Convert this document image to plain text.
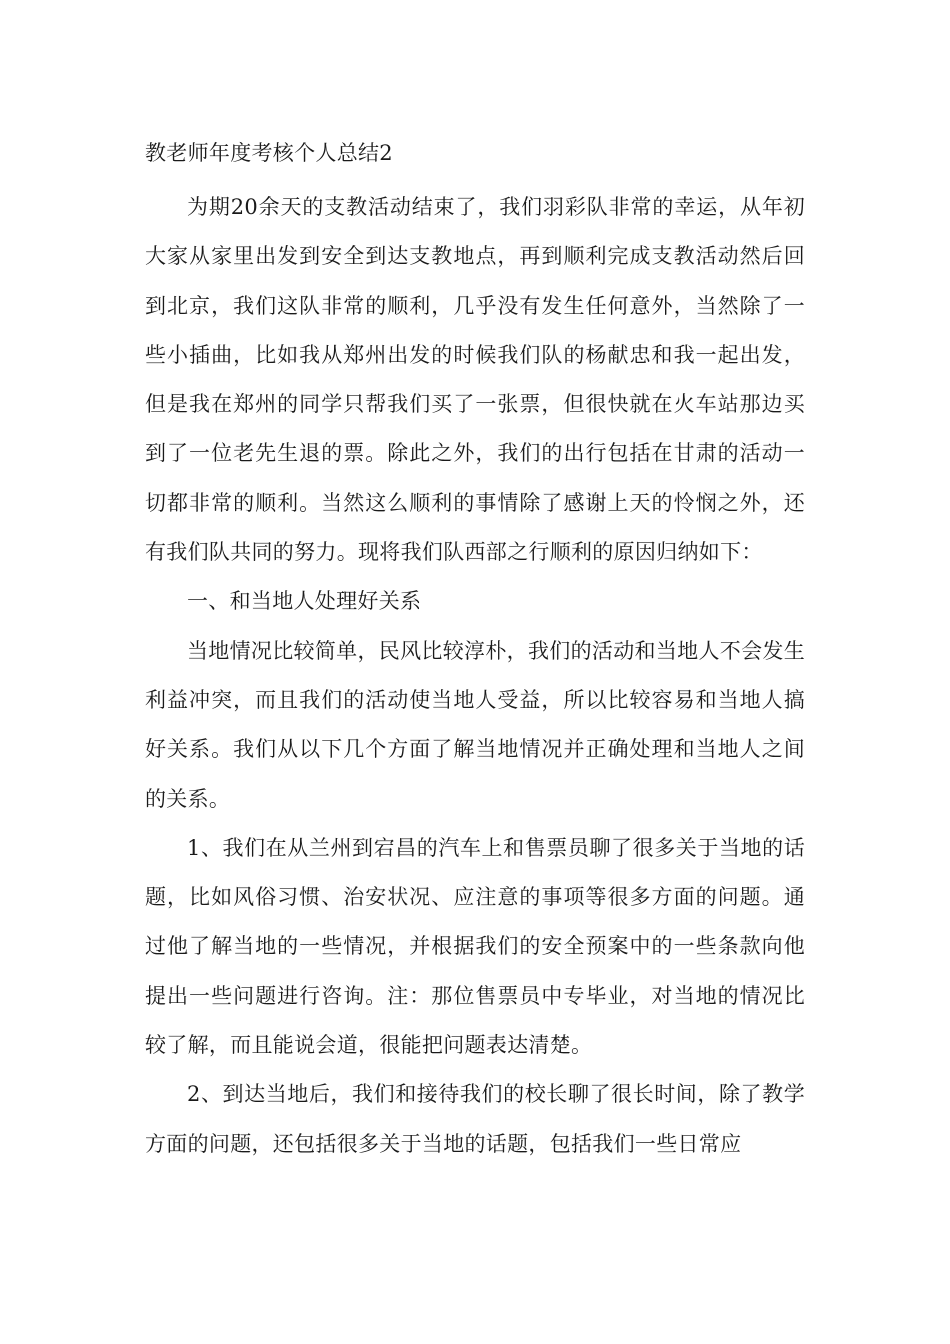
教老师年度考核个人总结2

为期20余天的支教活动结束了，我们羽彩队非常的幸运，从年初大家从家里出发到安全到达支教地点，再到顺利完成支教活动然后回到北京，我们这队非常的顺利，几乎没有发生任何意外，当然除了一些小插曲，比如我从郑州出发的时候我们队的杨献忠和我一起出发，但是我在郑州的同学只帮我们买了一张票，但很快就在火车站那边买到了一位老先生退的票。除此之外，我们的出行包括在甘肃的活动一切都非常的顺利。当然这么顺利的事情除了感谢上天的怜悯之外，还有我们队共同的努力。现将我们队西部之行顺利的原因归纳如下：

一、和当地人处理好关系

当地情况比较简单，民风比较淳朴，我们的活动和当地人不会发生利益冲突，而且我们的活动使当地人受益，所以比较容易和当地人搞好关系。我们从以下几个方面了解当地情况并正确处理和当地人之间的关系。

1、我们在从兰州到宕昌的汽车上和售票员聊了很多关于当地的话题，比如风俗习惯、治安状况、应注意的事项等很多方面的问题。通过他了解当地的一些情况，并根据我们的安全预案中的一些条款向他提出一些问题进行咨询。注：那位售票员中专毕业，对当地的情况比较了解，而且能说会道，很能把问题表达清楚。

2、到达当地后，我们和接待我们的校长聊了很长时间，除了教学方面的问题，还包括很多关于当地的话题，包括我们一些日常应
